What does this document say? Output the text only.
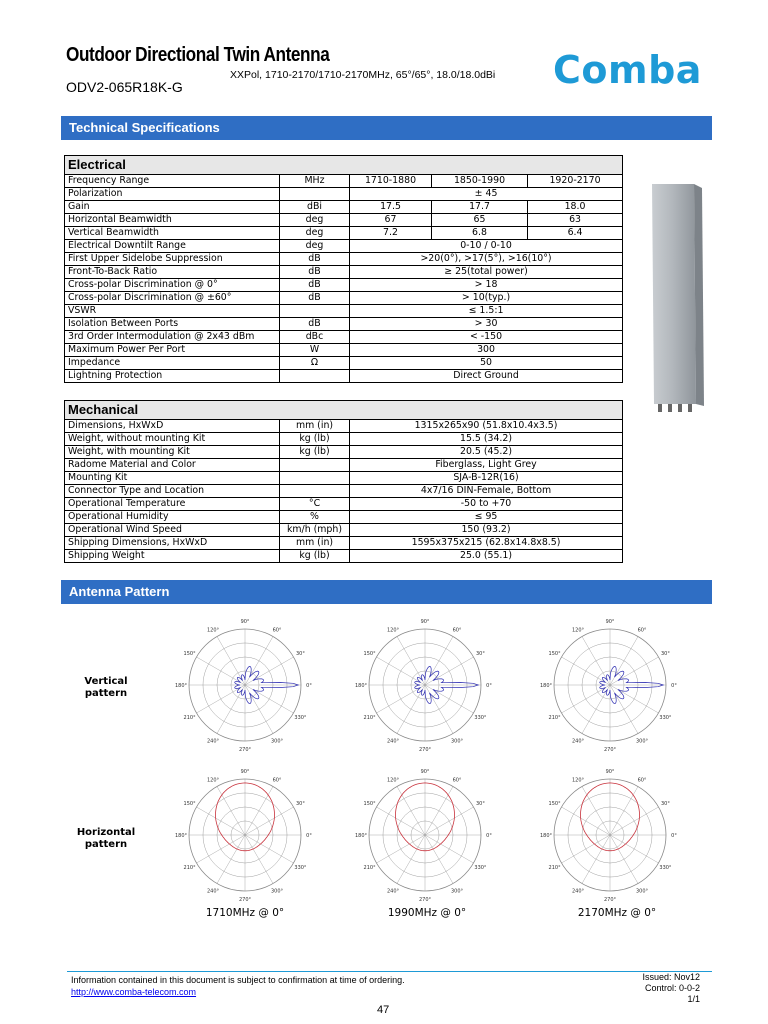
Outdoor Directional Twin Antenna
ODV2-065R18K-G
XXPol, 1710-2170/1710-2170MHz, 65°/65°, 18.0/18.0dBi Comba
Technical Specifications
Electrical				
Frequency Range	MHz	1710-1880	1850-1990	1920-2170
Polarization		± 45		
Gain	dBi	17.5	17.7	18.0
Horizontal Beamwidth	deg	67	65	63
Vertical Beamwidth	deg	7.2	6.8	6.4
Electrical Downtilt Range	deg	0-10 / 0-10		
First Upper Sidelobe Suppression	dB	>20(0°), >17(5°), >16(10°)		
Front-To-Back Ratio	dB	≥ 25(total power)		
Cross-polar Discrimination @ 0°	dB	> 18		
Cross-polar Discrimination @ ±60°	dB	> 10(typ.)		
VSWR		≤ 1.5:1		
Isolation Between Ports	dB	> 30		
3rd Order Intermodulation @ 2x43 dBm	dBc	< -150		
Maximum Power Per Port	W	300		
Impedance	Ω	50		
Lightning Protection		Direct Ground		
Mechanical		
Dimensions, HxWxD	mm (in)	1315x265x90 (51.8x10.4x3.5)
Weight, without mounting Kit	kg (lb)	15.5 (34.2)
Weight, with mounting Kit	kg (lb)	20.5 (45.2)
Radome Material and Color		Fiberglass, Light Grey
Mounting Kit		SJA-B-12R(16)
Connector Type and Location		4x7/16 DIN-Female, Bottom
Operational Temperature	°C	-50 to +70
Operational Humidity	%	≤ 95
Operational Wind Speed	km/h (mph)	150 (93.2)
Shipping Dimensions, HxWxD	mm (in)	1595x375x215 (62.8x14.8x8.5)
Shipping Weight	kg (lb)	25.0 (55.1)
Antenna Pattern
Vertical pattern
Horizontal pattern
0°
30°
60°
90°
120°
150°
180°
210°
240°
270°
300°
330°
0°
30°
60°
90°
120°
150°
180°
210°
240°
270°
300°
330°
0°
30°
60°
90°
120°
150°
180°
210°
240°
270°
300°
330°
0°
30°
60°
90°
120°
150°
180°
210°
240°
270°
300°
330°
0°
30°
60°
90°
120°
150°
180°
210°
240°
270°
300°
330°
0°
30°
60°
90°
120°
150°
180°
210°
240°
270°
300°
330°
1710MHz @ 0°	1990MHz @ 0°	2170MHz @ 0°
Information contained in this document is subject to confirmation at time of ordering.
http://www.comba-telecom.com
Issued: Nov12
Control: 0-0-2
1/1
47
